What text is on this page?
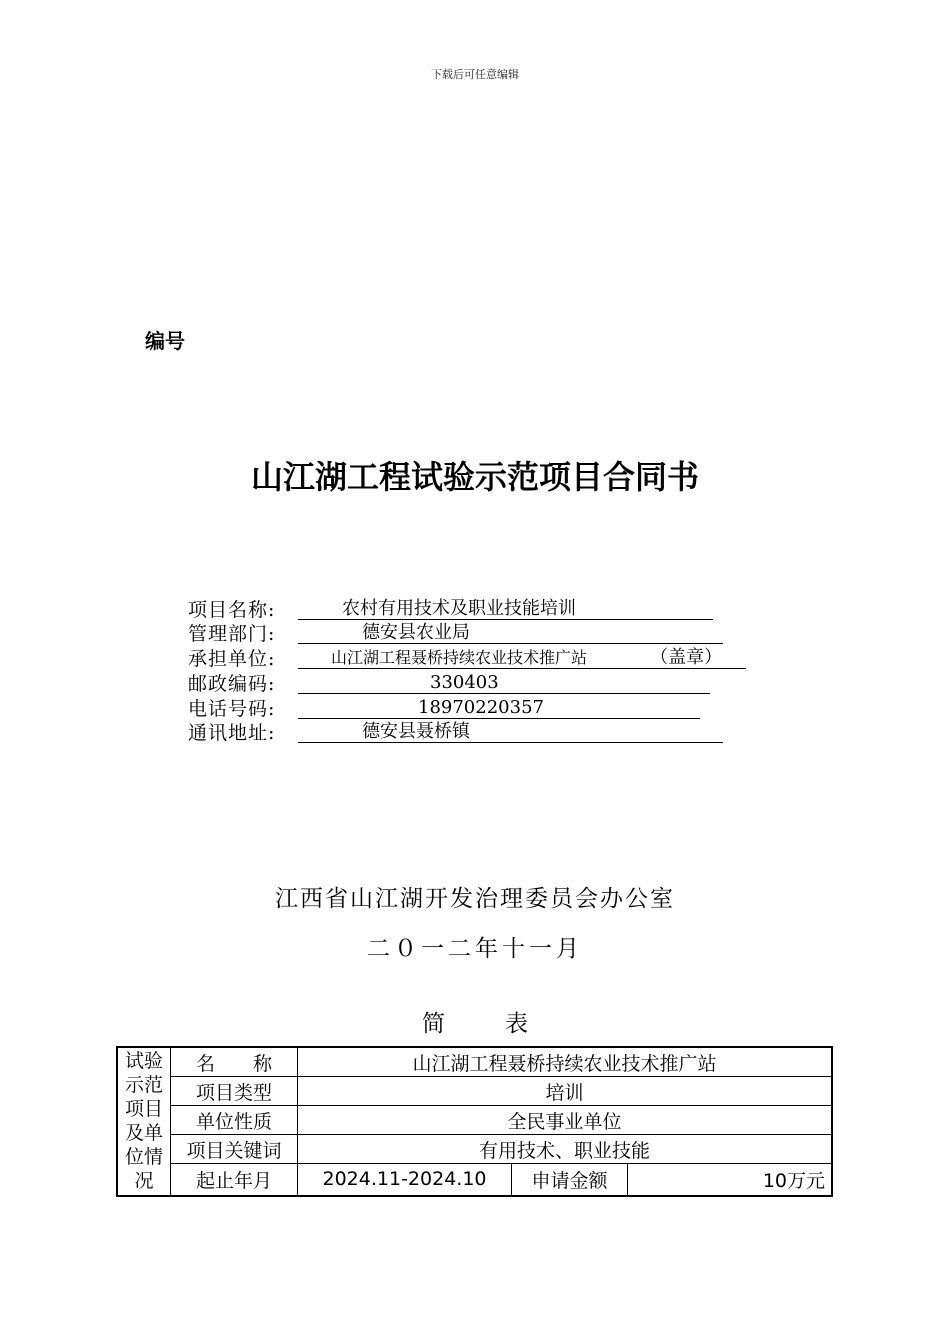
下载后可任意编辑
编号
山江湖工程试验示范项目合同书
项目名称:	农村有用技术及职业技能培训
管理部门:	德安县农业局
承担单位:	山江湖工程聂桥持续农业技术推广站	（盖章）
邮政编码:	330403
电话号码:	18970220357
通讯地址:	德安县聂桥镇
江西省山江湖开发治理委员会办公室
二０一二年十一月
简	表
试验示范项目及单位情况	名　　称	山江湖工程聂桥持续农业技术推广站		
	项目类型	培训		
	单位性质	全民事业单位		
	项目关键词	有用技术、职业技能		
	起止年月	2024.11-2024.10	申请金额	10万元
